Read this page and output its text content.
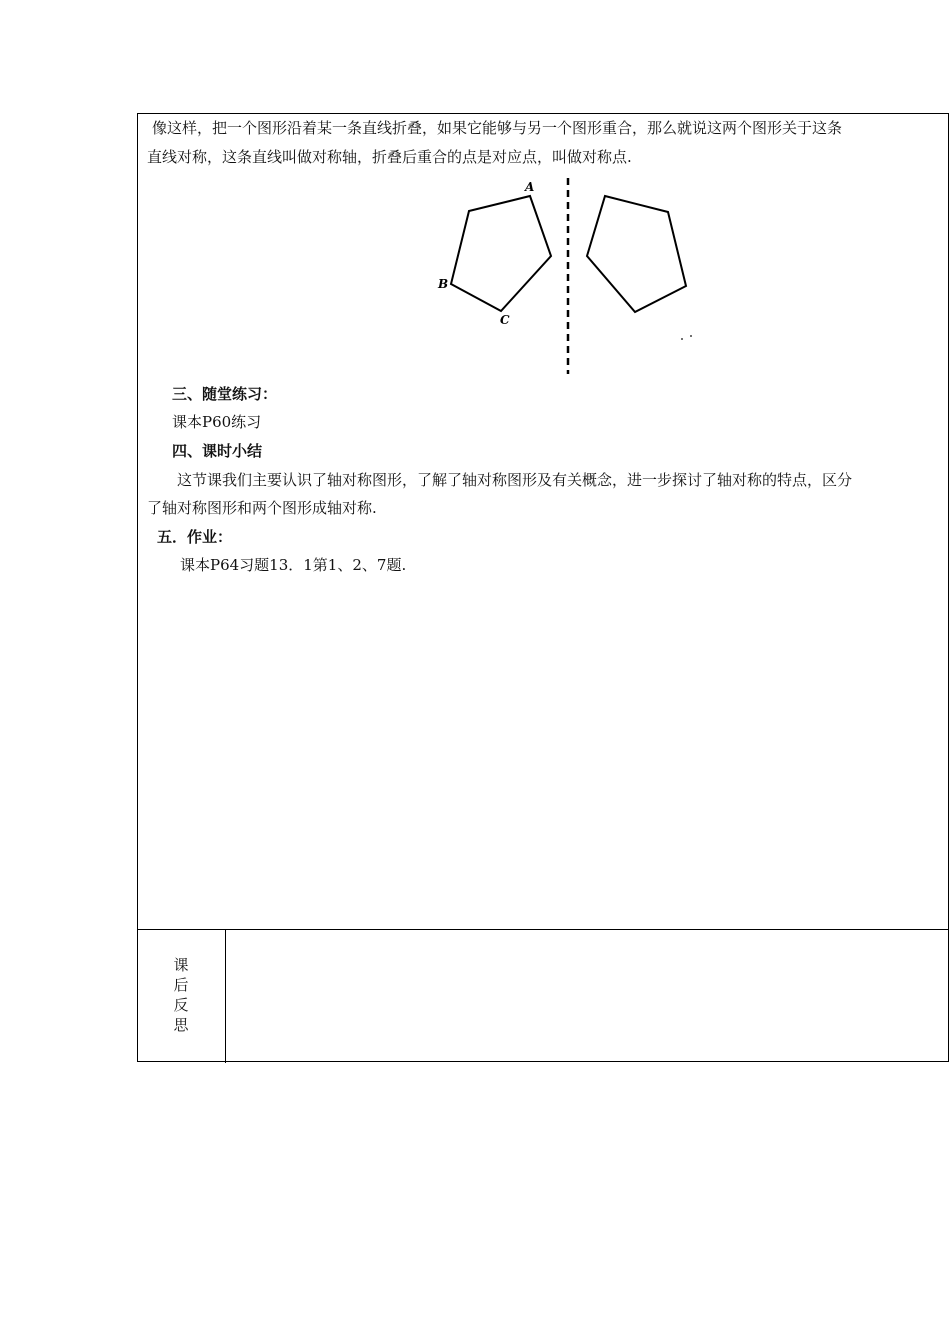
像这样，把一个图形沿着某一条直线折叠，如果它能够与另一个图形重合，那么就说这两个图形关于这条
直线对称，这条直线叫做对称轴，折叠后重合的点是对应点，叫做对称点.
A
B
C
三、随堂练习：
课本P60练习
四、课时小结
这节课我们主要认识了轴对称图形，了解了轴对称图形及有关概念，进一步探讨了轴对称的特点，区分
了轴对称图形和两个图形成轴对称.
五．作业：
课本P64习题13．1第1、2、7题.
课
后
反
思
